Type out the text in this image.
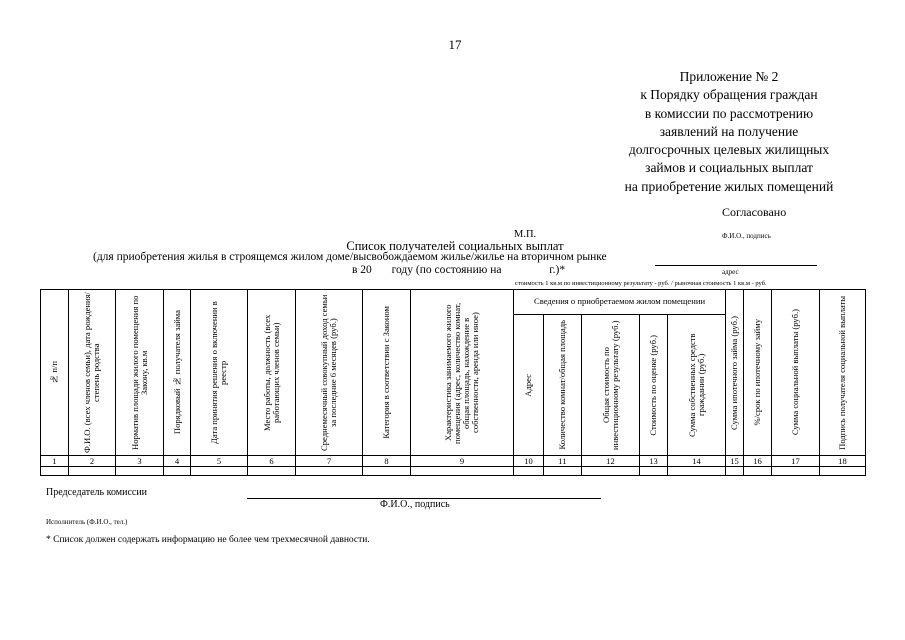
17
Приложение № 2
к Порядку обращения граждан
в комиссии по рассмотрению
заявлений на получение
долгосрочных целевых жилищных
займов и социальных выплат
на приобретение жилых помещений
Согласовано
М.П.	Ф.И.О., подпись
Список получателей социальных выплат
(для приобретения жилья в строящемся жилом доме/высвобождаемом жилье/жилье на вторичном рынке
в 20 году (по состоянию на	г.)*	адрес
стоимость 1 кв.м по инвестиционному результату - руб. / рыночная стоимость 1 кв.м - руб.
№ п/п	Ф.И.О. (всех членов семьи), дата рождения/степень родства	Норматив площади жилого помещения по Закону, кв.м	Порядковый № получателя займа	Дата принятия решения о включении в реестр	Место работы, должность (всех работающих членов семьи)	Среднемесячный совокупный доход семьи за последние 6 месяцев (руб.)	Категория в соответствии с Законом	Характеристика занимаемого жилого помещения (адрес, количество комнат, общая площадь, нахождение в собственности, аренда или иное)	Сведения о приобретаемом жилом помещении					Сумма ипотечного займа (руб.)	%/срок по ипотечному займу	Сумма социальной выплаты (руб.)	Подпись получателя социальной выплаты

									Адрес	Количество комнат/общая площадь	Общая стоимость по инвестиционному результату (руб.)	Стоимость по оценке (руб.)	Сумма собственных средств граждании (руб.)				

1	2	3	4	5	6	7	8	9	10	11	12	13	14	15	16	17	18

Председатель комиссии
Ф.И.О., подпись
Исполнитель (Ф.И.О., тел.)
* Список должен содержать информацию не более чем трехмесячной давности.
